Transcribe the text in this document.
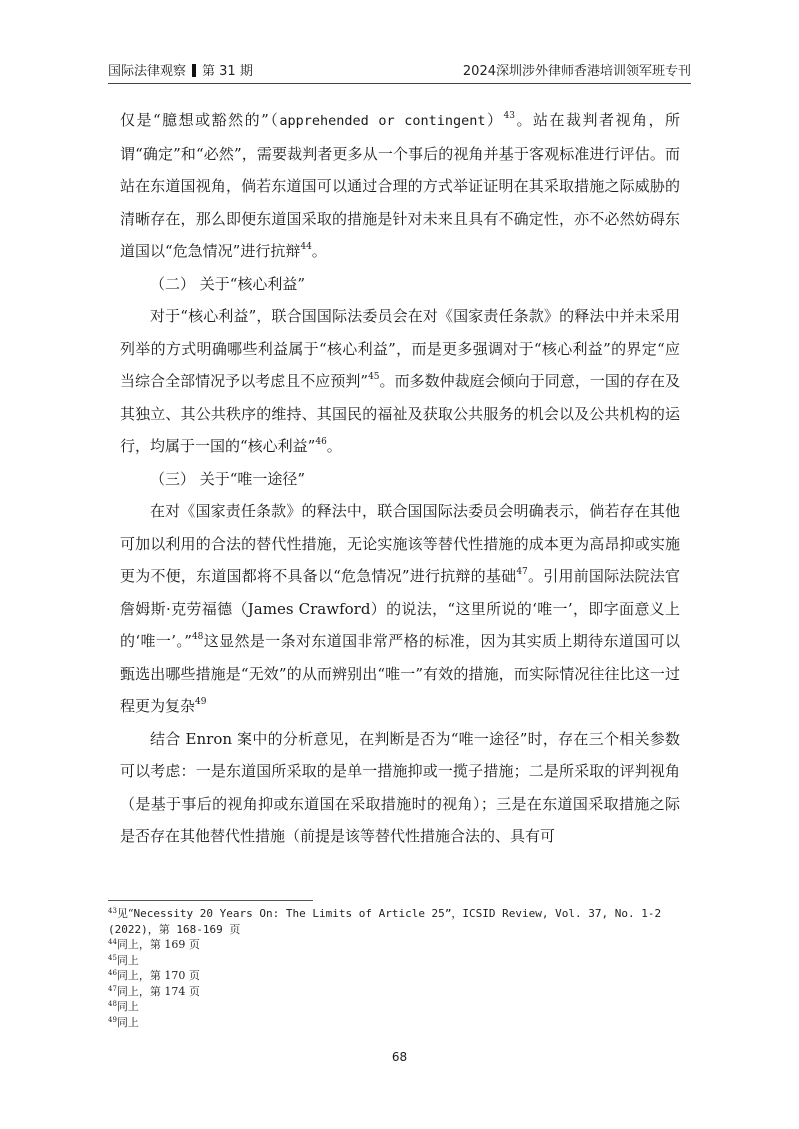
国际法律观察 第 31 期	2024深圳涉外律师香港培训领军班专刊

仅是“臆想或豁然的”（apprehended or contingent）$^{43}$。站在裁判者视角，所谓“确定”和“必然”，需要裁判者更多从一个事后的视角并基于客观标准进行评估。而站在东道国视角，倘若东道国可以通过合理的方式举证证明在其采取措施之际威胁的清晰存在，那么即便东道国采取的措施是针对未来且具有不确定性，亦不必然妨碍东道国以“危急情况”进行抗辩$^{44}$。

（二） 关于“核心利益”

对于“核心利益”，联合国国际法委员会在对《国家责任条款》的释法中并未采用列举的方式明确哪些利益属于“核心利益”，而是更多强调对于“核心利益”的界定“应当综合全部情况予以考虑且不应预判”$^{45}$。而多数仲裁庭会倾向于同意，一国的存在及其独立、其公共秩序的维持、其国民的福祉及获取公共服务的机会以及公共机构的运行，均属于一国的“核心利益”$^{46}$。

（三） 关于“唯一途径”

在对《国家责任条款》的释法中，联合国国际法委员会明确表示，倘若存在其他可加以利用的合法的替代性措施，无论实施该等替代性措施的成本更为高昂抑或实施更为不便，东道国都将不具备以“危急情况”进行抗辩的基础$^{47}$。引用前国际法院法官詹姆斯·克劳福德（James Crawford）的说法，“这里所说的‘唯一’，即字面意义上的‘唯一’。”$^{48}$这显然是一条对东道国非常严格的标准，因为其实质上期待东道国可以甄选出哪些措施是“无效”的从而辨别出“唯一”有效的措施，而实际情况往往比这一过程更为复杂$^{49}$

结合 Enron 案中的分析意见，在判断是否为“唯一途径”时，存在三个相关参数可以考虑：一是东道国所采取的是单一措施抑或一揽子措施；二是所采取的评判视角（是基于事后的视角抑或东道国在采取措施时的视角）；三是在东道国采取措施之际是否存在其他替代性措施（前提是该等替代性措施合法的、具有可

$^{43}$见“Necessity 20 Years On: The Limits of Article 25”，ICSID Review, Vol. 37, No. 1-2 (2022)，第 168-169 页
$^{44}$同上，第 169 页
$^{45}$同上
$^{46}$同上，第 170 页
$^{47}$同上，第 174 页
$^{48}$同上
$^{49}$同上
68
